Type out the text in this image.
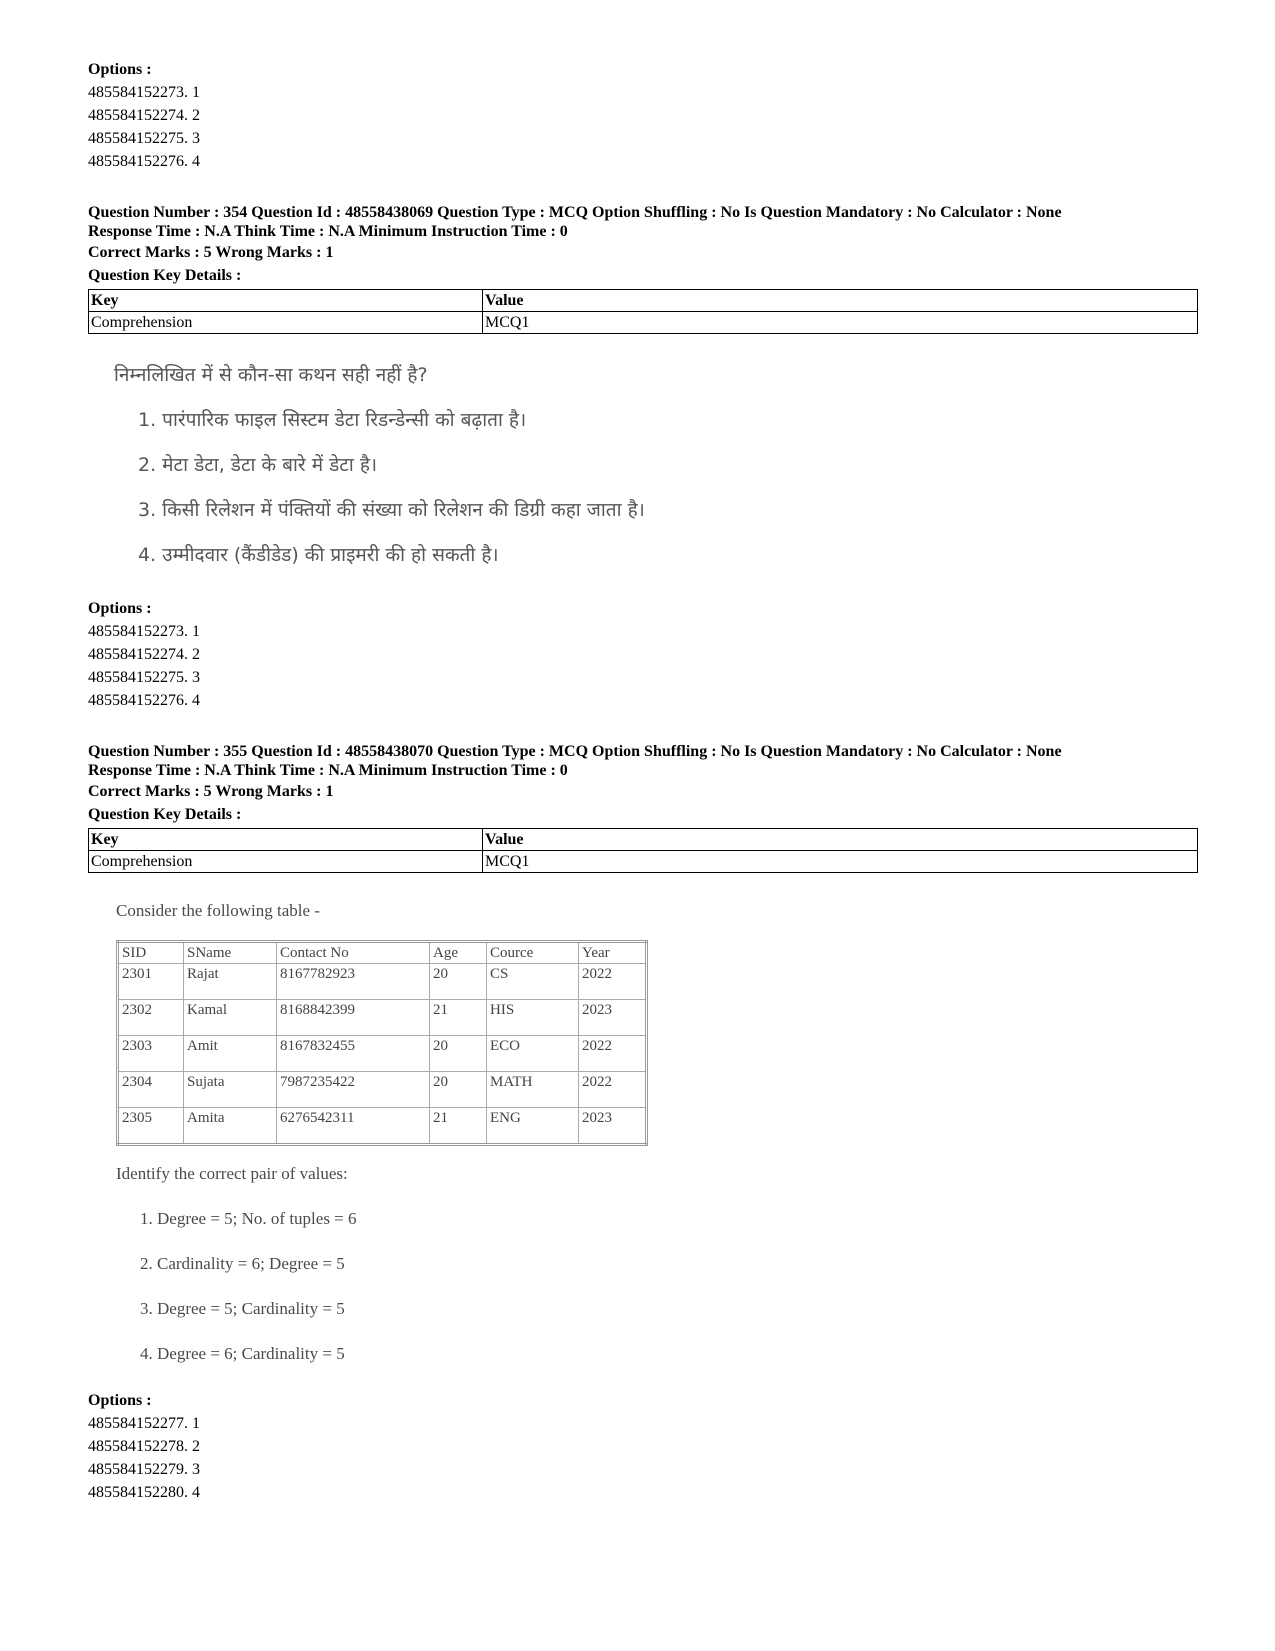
Options :
485584152273. 1
485584152274. 2
485584152275. 3
485584152276. 4
Question Number : 354 Question Id : 48558438069 Question Type : MCQ Option Shuffling : No Is Question Mandatory : No Calculator : None
Response Time : N.A Think Time : N.A Minimum Instruction Time : 0
Correct Marks : 5 Wrong Marks : 1
Question Key Details :
Key	Value
Comprehension	MCQ1
निम्नलिखित में से कौन-सा कथन सही नहीं है?
1. पारंपारिक फाइल सिस्टम डेटा रिडन्डेन्सी को बढ़ाता है।
2. मेटा डेटा, डेटा के बारे में डेटा है।
3. किसी रिलेशन में पंक्तियों की संख्या को रिलेशन की डिग्री कहा जाता है।
4. उम्मीदवार (कैंडीडेड) की प्राइमरी की हो सकती है।
Options :
485584152273. 1
485584152274. 2
485584152275. 3
485584152276. 4
Question Number : 355 Question Id : 48558438070 Question Type : MCQ Option Shuffling : No Is Question Mandatory : No Calculator : None
Response Time : N.A Think Time : N.A Minimum Instruction Time : 0
Correct Marks : 5 Wrong Marks : 1
Question Key Details :
Key	Value
Comprehension	MCQ1
Consider the following table -
SID	SName	Contact No	Age	Cource	Year
2301	Rajat	8167782923	20	CS	2022
2302	Kamal	8168842399	21	HIS	2023
2303	Amit	8167832455	20	ECO	2022
2304	Sujata	7987235422	20	MATH	2022
2305	Amita	6276542311	21	ENG	2023
Identify the correct pair of values:
1. Degree = 5; No. of tuples = 6
2. Cardinality = 6; Degree = 5
3. Degree = 5; Cardinality = 5
4. Degree = 6; Cardinality = 5
Options :
485584152277. 1
485584152278. 2
485584152279. 3
485584152280. 4
